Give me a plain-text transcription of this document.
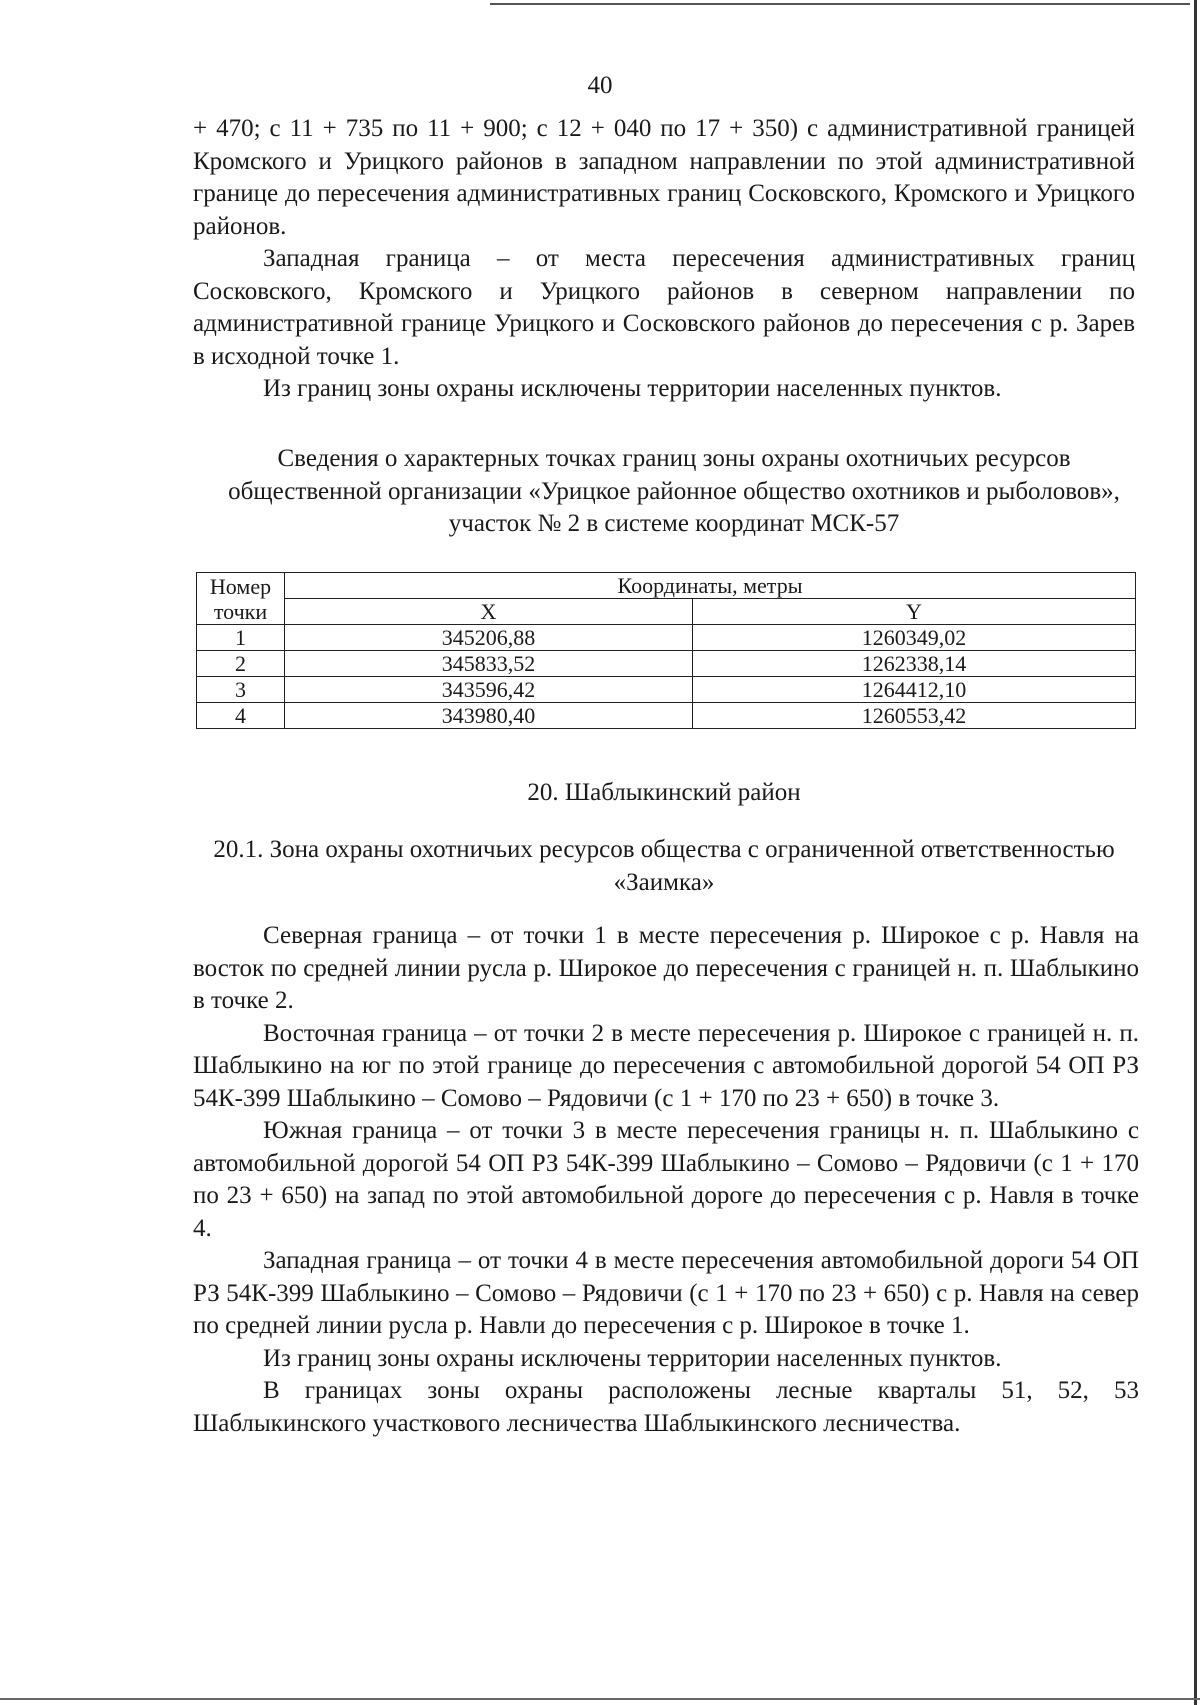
40

+ 470; с 11 + 735 по 11 + 900; с 12 + 040 по 17 + 350) с административной границей Кромского и Урицкого районов в западном направлении по этой административной границе до пересечения административных границ Сосковского, Кромского и Урицкого районов.

Западная граница – от места пересечения административных границ Сосковского, Кромского и Урицкого районов в северном направлении по административной границе Урицкого и Сосковского районов до пересечения с р. Зарев в исходной точке 1.

Из границ зоны охраны исключены территории населенных пунктов.

Сведения о характерных точках границ зоны охраны охотничьих ресурсов общественной организации «Урицкое районное общество охотников и рыболовов», участок № 2 в системе координат МСК-57
Номер точки	Координаты, метры	
	X	Y
1	345206,88	1260349,02
2	345833,52	1262338,14
3	343596,42	1264412,10
4	343980,40	1260553,42
20. Шаблыкинский район
20.1. Зона охраны охотничьих ресурсов общества с ограниченной ответственностью «Заимка»

Северная граница – от точки 1 в месте пересечения р. Широкое с р. Навля на восток по средней линии русла р. Широкое до пересечения с границей н. п. Шаблыкино в точке 2.

Восточная граница – от точки 2 в месте пересечения р. Широкое с границей н. п. Шаблыкино на юг по этой границе до пересечения с автомобильной дорогой 54 ОП РЗ 54К-399 Шаблыкино – Сомово – Рядовичи (с 1 + 170 по 23 + 650) в точке 3.

Южная граница – от точки 3 в месте пересечения границы н. п. Шаблыкино с автомобильной дорогой 54 ОП РЗ 54К-399 Шаблыкино – Сомово – Рядовичи (с 1 + 170 по 23 + 650) на запад по этой автомобильной дороге до пересечения с р. Навля в точке 4.

Западная граница – от точки 4 в месте пересечения автомобильной дороги 54 ОП РЗ 54К-399 Шаблыкино – Сомово – Рядовичи (с 1 + 170 по 23 + 650) с р. Навля на север по средней линии русла р. Навли до пересечения с р. Широкое в точке 1.

Из границ зоны охраны исключены территории населенных пунктов.

В границах зоны охраны расположены лесные кварталы 51, 52, 53 Шаблыкинского участкового лесничества Шаблыкинского лесничества.
